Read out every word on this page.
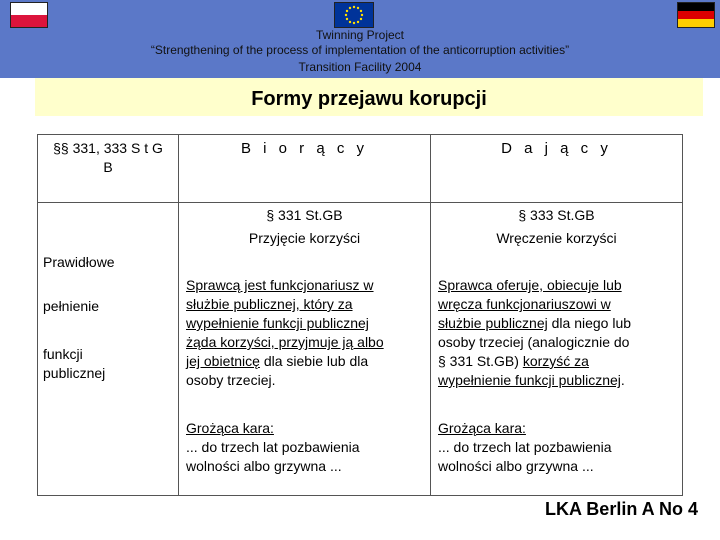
Twinning Project
“Strengthening of the process of implementation of the anticorruption activities”
Transition Facility 2004
Formy przejawu korupcji
§§ 331, 333 S t G
B
B i o r ą c y	D a j ą c y
§ 331 St.GB
Przyjęcie korzyści
§ 333 St.GB
Wręczenie korzyści
Prawidłowe
pełnienie
funkcji
publicznej
Sprawcą jest funkcjonariusz w
służbie publicznej, który za
wypełnienie funkcji publicznej
żąda korzyści, przyjmuje ją albo
jej obietnicę dla siebie lub dla
osoby trzeciej.
Grożąca kara:
... do trzech lat pozbawienia
wolności albo grzywna ...
Sprawca oferuje, obiecuje lub
wręcza funkcjonariuszowi w
służbie publicznej dla niego lub
osoby trzeciej (analogicznie do
§ 331 St.GB) korzyść za
wypełnienie funkcji publicznej.
Grożąca kara:
... do trzech lat pozbawienia
wolności albo grzywna ...
LKA Berlin A No 4
